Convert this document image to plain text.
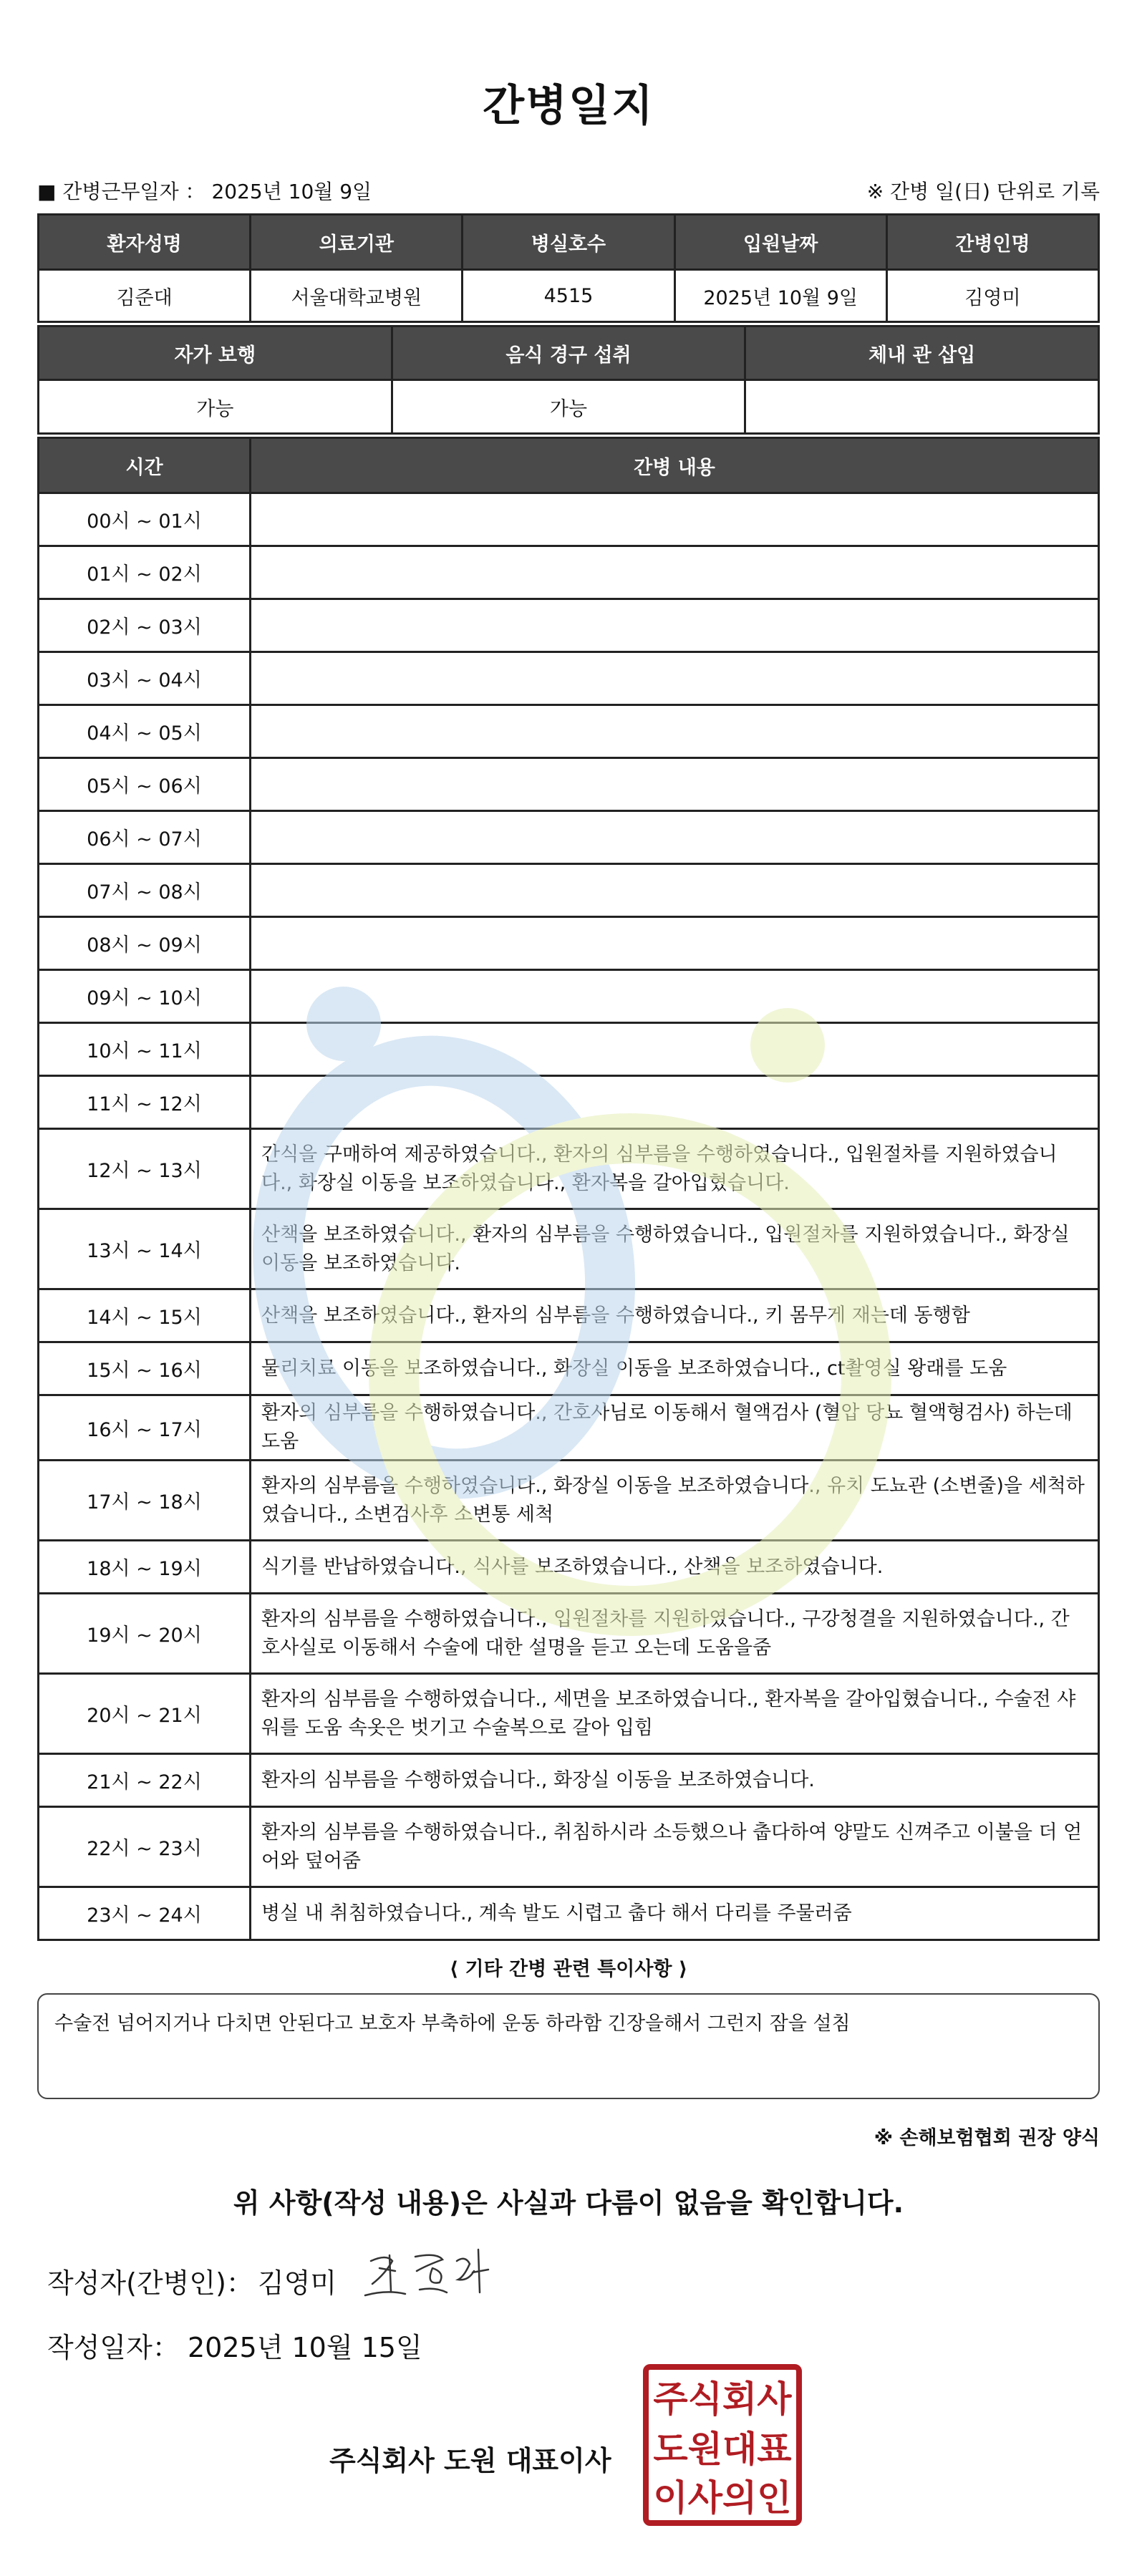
간병일지
■ 간병근무일자 ： 2025년 10월 9일	※ 간병 일(日) 단위로 기록
환자성명	의료기관	병실호수	입원날짜	간병인명
김준대	서울대학교병원	4515	2025년 10월 9일	김영미
자가 보행	음식 경구 섭취	체내 관 삽입
가능	가능	
시간	간병 내용
00시 ~ 01시	
01시 ~ 02시	
02시 ~ 03시	
03시 ~ 04시	
04시 ~ 05시	
05시 ~ 06시	
06시 ~ 07시	
07시 ~ 08시	
08시 ~ 09시	
09시 ~ 10시	
10시 ~ 11시	
11시 ~ 12시	
12시 ~ 13시	간식을 구매하여 제공하였습니다., 환자의 심부름을 수행하였습니다., 입원절차를 지원하였습니다., 화장실 이동을 보조하였습니다., 환자복을 갈아입혔습니다.
13시 ~ 14시	산책을 보조하였습니다., 환자의 심부름을 수행하였습니다., 입원절차를 지원하였습니다., 화장실 이동을 보조하였습니다.
14시 ~ 15시	산책을 보조하였습니다., 환자의 심부름을 수행하였습니다., 키 몸무게 재는데 동행함
15시 ~ 16시	물리치료 이동을 보조하였습니다., 화장실 이동을 보조하였습니다., ct촬영실 왕래를 도움
16시 ~ 17시	환자의 심부름을 수행하였습니다., 간호사님로 이동해서 혈액검사 (혈압 당뇨 혈액형검사) 하는데 도움
17시 ~ 18시	환자의 심부름을 수행하였습니다., 화장실 이동을 보조하였습니다., 유치 도뇨관 (소변줄)을 세척하였습니다., 소변검사후 소변통 세척
18시 ~ 19시	식기를 반납하였습니다., 식사를 보조하였습니다., 산책을 보조하였습니다.
19시 ~ 20시	환자의 심부름을 수행하였습니다., 입원절차를 지원하였습니다., 구강청결을 지원하였습니다., 간호사실로 이동해서 수술에 대한 설명을 듣고 오는데 도움을줌
20시 ~ 21시	환자의 심부름을 수행하였습니다., 세면을 보조하였습니다., 환자복을 갈아입혔습니다., 수술전 샤워를 도움 속옷은 벗기고 수술복으로 갈아 입힘
21시 ~ 22시	환자의 심부름을 수행하였습니다., 화장실 이동을 보조하였습니다.
22시 ~ 23시	환자의 심부름을 수행하였습니다., 취침하시라 소등했으나 춥다하여 양말도 신껴주고 이불을 더 얻어와 덮어줌
23시 ~ 24시	병실 내 취침하였습니다., 계속 발도 시렵고 춥다 해서 다리를 주물러줌
⟨ 기타 간병 관련 특이사항 ⟩
수술전 넘어지거나 다치면 안된다고 보호자 부축하에 운동 하라함 긴장을해서 그런지 잠을 설침
※ 손해보험협회 권장 양식
위 사항(작성 내용)은 사실과 다름이 없음을 확인합니다.
작성자(간병인)： 김영미
작성일자： 2025년 10월 15일
주식회사 도원 대표이사
주식회사
도원대표
이사의인
